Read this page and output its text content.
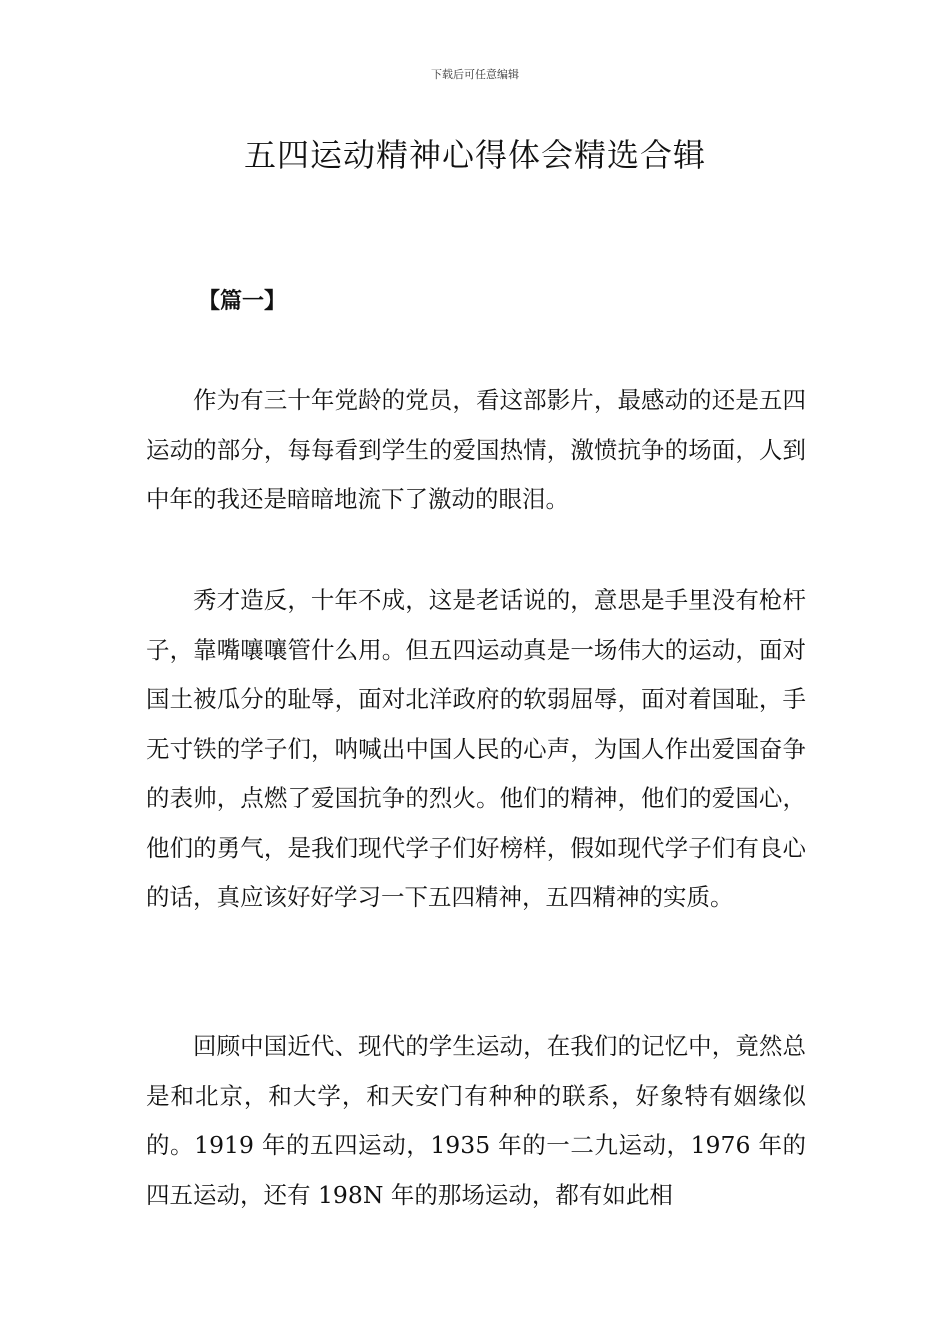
下载后可任意编辑
五四运动精神心得体会精选合辑
【篇一】

作为有三十年党龄的党员，看这部影片，最感动的还是五四运动的部分，每每看到学生的爱国热情，激愤抗争的场面，人到中年的我还是暗暗地流下了激动的眼泪。

秀才造反，十年不成，这是老话说的，意思是手里没有枪杆子，靠嘴嚷嚷管什么用。但五四运动真是一场伟大的运动，面对国土被瓜分的耻辱，面对北洋政府的软弱屈辱，面对着国耻，手无寸铁的学子们，呐喊出中国人民的心声，为国人作出爱国奋争的表帅，点燃了爱国抗争的烈火。他们的精神，他们的爱国心，他们的勇气，是我们现代学子们好榜样，假如现代学子们有良心的话，真应该好好学习一下五四精神，五四精神的实质。

回顾中国近代、现代的学生运动，在我们的记忆中，竟然总是和北京，和大学，和天安门有种种的联系，好象特有姻缘似的。1919 年的五四运动，1935 年的一二九运动，1976 年的四五运动，还有 198N 年的那场运动，都有如此相
